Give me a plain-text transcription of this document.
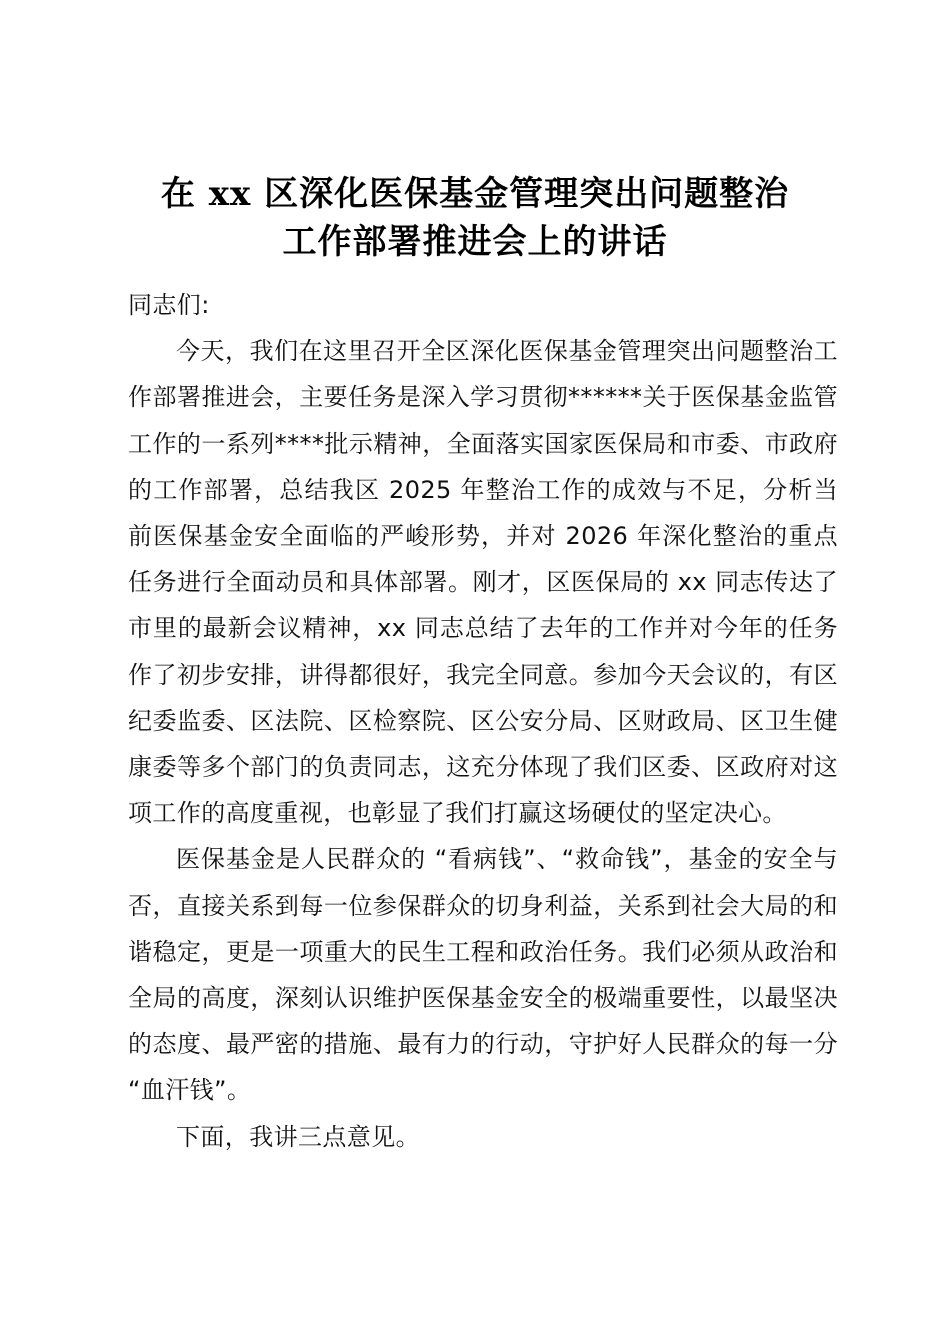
在 xx 区深化医保基金管理突出问题整治
工作部署推进会上的讲话

同志们:

今天，我们在这里召开全区深化医保基金管理突出问题整治工作部署推进会，主要任务是深入学习贯彻******关于医保基金监管工作的一系列****批示精神，全面落实国家医保局和市委、市政府的工作部署，总结我区 2025 年整治工作的成效与不足，分析当前医保基金安全面临的严峻形势，并对 2026 年深化整治的重点任务进行全面动员和具体部署。刚才，区医保局的 xx 同志传达了市里的最新会议精神，xx 同志总结了去年的工作并对今年的任务作了初步安排，讲得都很好，我完全同意。参加今天会议的，有区纪委监委、区法院、区检察院、区公安分局、区财政局、区卫生健康委等多个部门的负责同志，这充分体现了我们区委、区政府对这项工作的高度重视，也彰显了我们打赢这场硬仗的坚定决心。

医保基金是人民群众的 “看病钱”、“救命钱”，基金的安全与否，直接关系到每一位参保群众的切身利益，关系到社会大局的和谐稳定，更是一项重大的民生工程和政治任务。我们必须从政治和全局的高度，深刻认识维护医保基金安全的极端重要性，以最坚决的态度、最严密的措施、最有力的行动，守护好人民群众的每一分 “血汗钱”。

下面，我讲三点意见。
